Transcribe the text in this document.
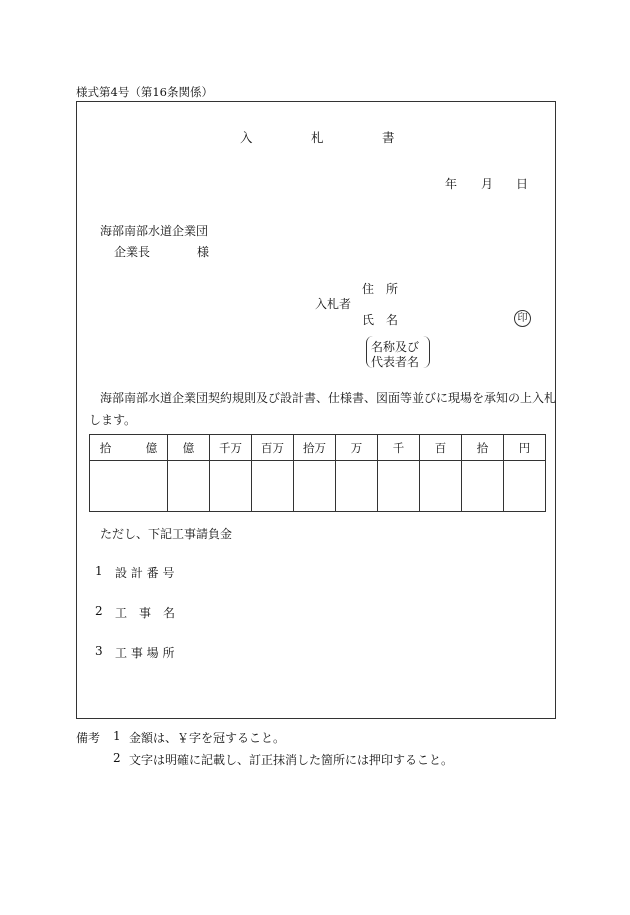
様式第4号（第16条関係）
入	札	書
年 月 日
海部南部水道企業団
企業長	様
住　所
入札者
氏　名	印
名称及び
代表者名
海部南部水道企業団契約規則及び設計書、仕様書、図面等並びに現場を承知の上入札
します。
拾　　　億	億	千万	百万	拾万	万	千	百	拾	円

ただし、下記工事請負金
1 設 計 番 号
2 工　事　名
3 工 事 場 所
備考 1 金額は、￥字を冠すること。
2 文字は明確に記載し、訂正抹消した箇所には押印すること。
